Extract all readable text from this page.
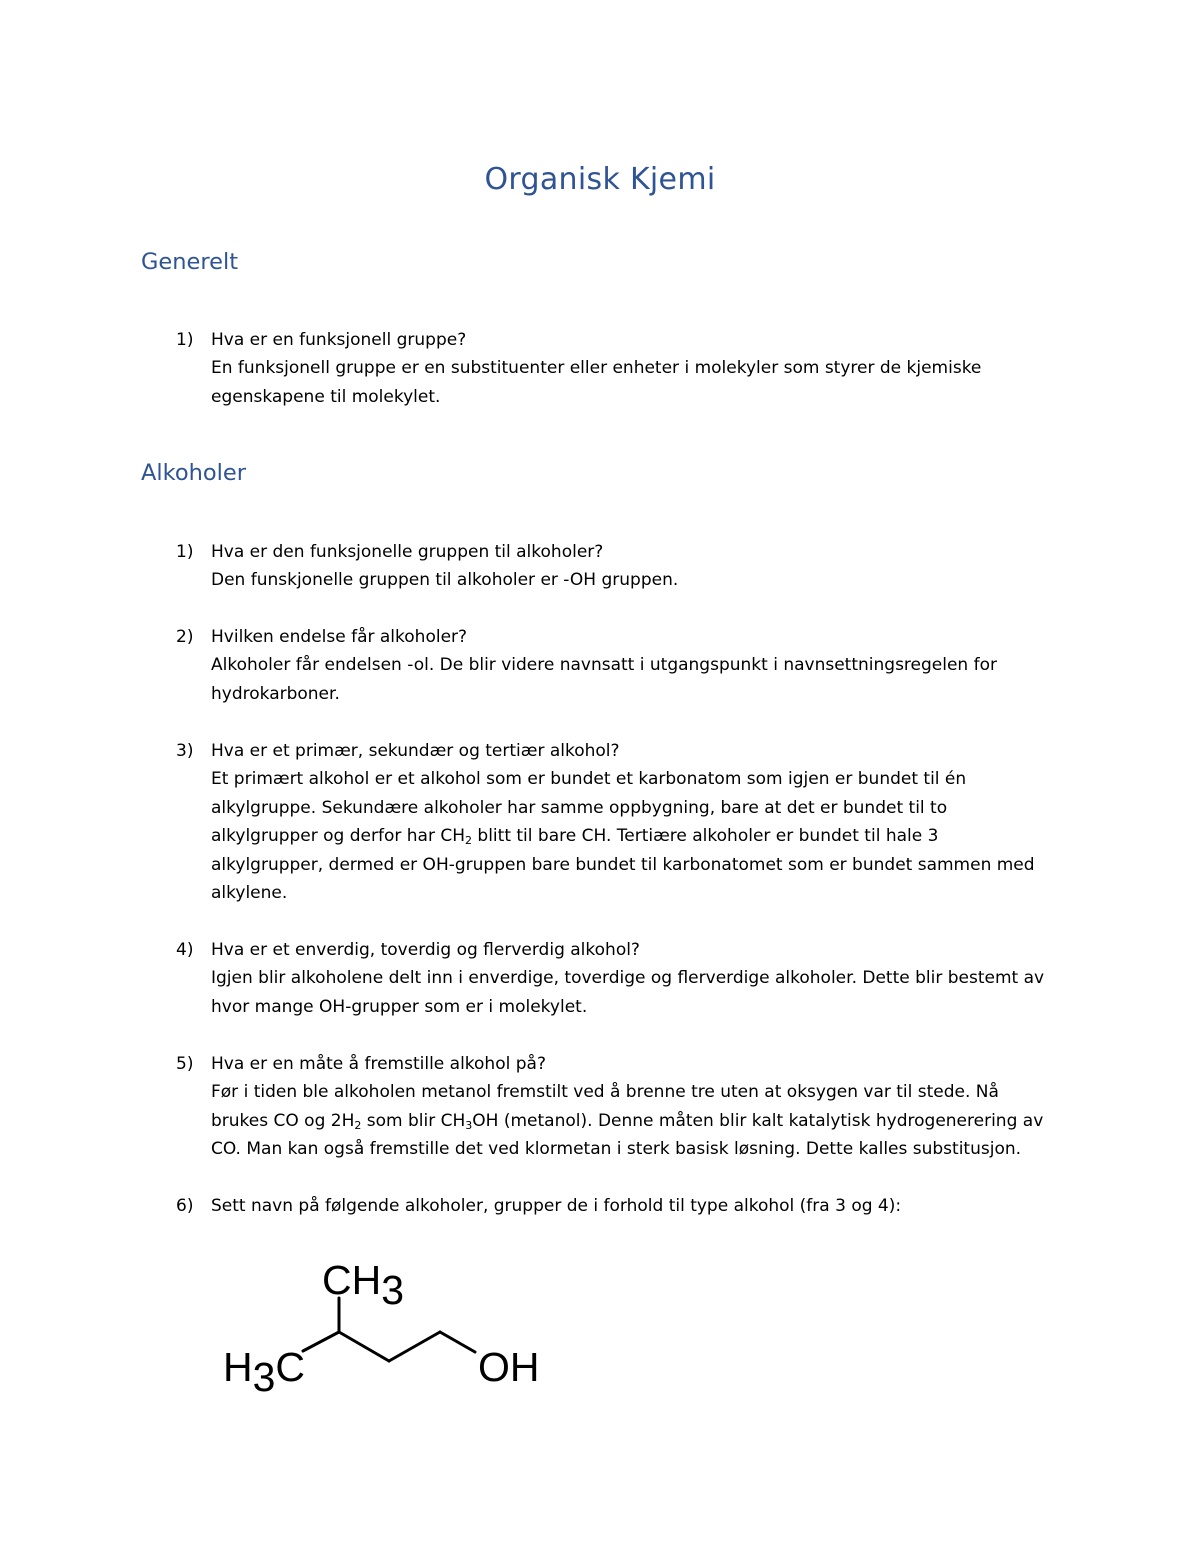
Organisk Kjemi
Generelt
1) Hva er en funksjonell gruppe?
En funksjonell gruppe er en substituenter eller enheter i molekyler som styrer de kjemiske
egenskapene til molekylet.
Alkoholer
1) Hva er den funksjonelle gruppen til alkoholer?
Den funskjonelle gruppen til alkoholer er -OH gruppen.
2) Hvilken endelse får alkoholer?
Alkoholer får endelsen -ol. De blir videre navnsatt i utgangspunkt i navnsettningsregelen for
hydrokarboner.
3) Hva er et primær, sekundær og tertiær alkohol?
Et primært alkohol er et alkohol som er bundet et karbonatom som igjen er bundet til én
alkylgruppe. Sekundære alkoholer har samme oppbygning, bare at det er bundet til to
alkylgrupper og derfor har $CH_2$ blitt til bare CH. Tertiære alkoholer er bundet til hale 3
alkylgrupper, dermed er OH-gruppen bare bundet til karbonatomet som er bundet sammen med
alkylene.
4) Hva er et enverdig, toverdig og flerverdig alkohol?
Igjen blir alkoholene delt inn i enverdige, toverdige og flerverdige alkoholer. Dette blir bestemt av
hvor mange OH-grupper som er i molekylet.
5) Hva er en måte å fremstille alkohol på?
Før i tiden ble alkoholen metanol fremstilt ved å brenne tre uten at oksygen var til stede. Nå
brukes CO og $2H_2$ som blir $CH_3OH$ (metanol). Denne måten blir kalt katalytisk hydrogenerering av
CO. Man kan også fremstille det ved klormetan i sterk basisk løsning. Dette kalles substitusjon.
6) Sett navn på følgende alkoholer, grupper de i forhold til type alkohol (fra 3 og 4):
CH3
H3C	OH
